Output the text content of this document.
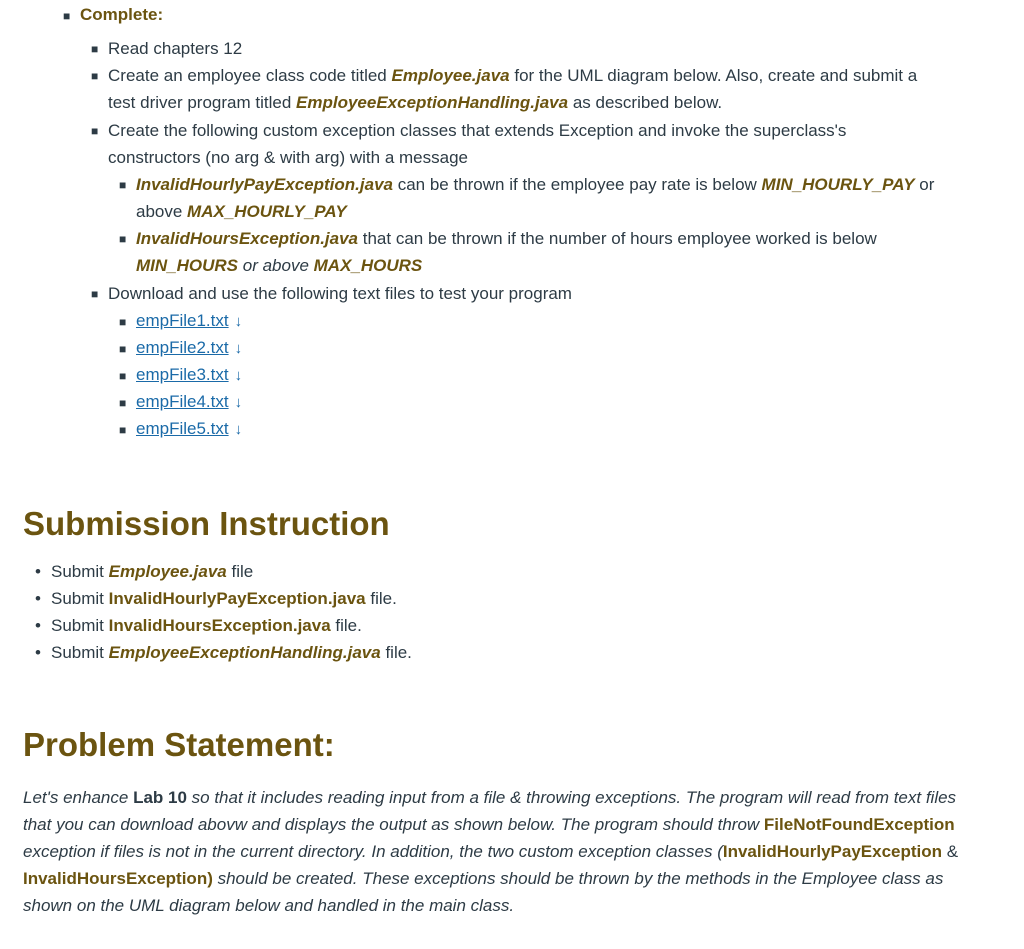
■ Complete:
■ Read chapters 12
■ Create an employee class code titled Employee.java for the UML diagram below. Also, create and submit a
test driver program titled EmployeeExceptionHandling.java as described below.
■ Create the following custom exception classes that extends Exception and invoke the superclass's
constructors (no arg & with arg) with a message
■ InvalidHourlyPayException.java can be thrown if the employee pay rate is below MIN_HOURLY_PAY or
above MAX_HOURLY_PAY
■ InvalidHoursException.java that can be thrown if the number of hours employee worked is below
MIN_HOURS or above MAX_HOURS
■ Download and use the following text files to test your program
■ empFile1.txt ↓
■ empFile2.txt ↓
■ empFile3.txt ↓
■ empFile4.txt ↓
■ empFile5.txt ↓
Submission Instruction
• Submit Employee.java file
• Submit InvalidHourlyPayException.java file.
• Submit InvalidHoursException.java file.
• Submit EmployeeExceptionHandling.java file.
Problem Statement:
Let's enhance Lab 10 so that it includes reading input from a file & throwing exceptions. The program will read from text files
that you can download abovw and displays the output as shown below. The program should throw FileNotFoundException
exception if files is not in the current directory. In addition, the two custom exception classes (InvalidHourlyPayException &
InvalidHoursException) should be created. These exceptions should be thrown by the methods in the Employee class as
shown on the UML diagram below and handled in the main class.
